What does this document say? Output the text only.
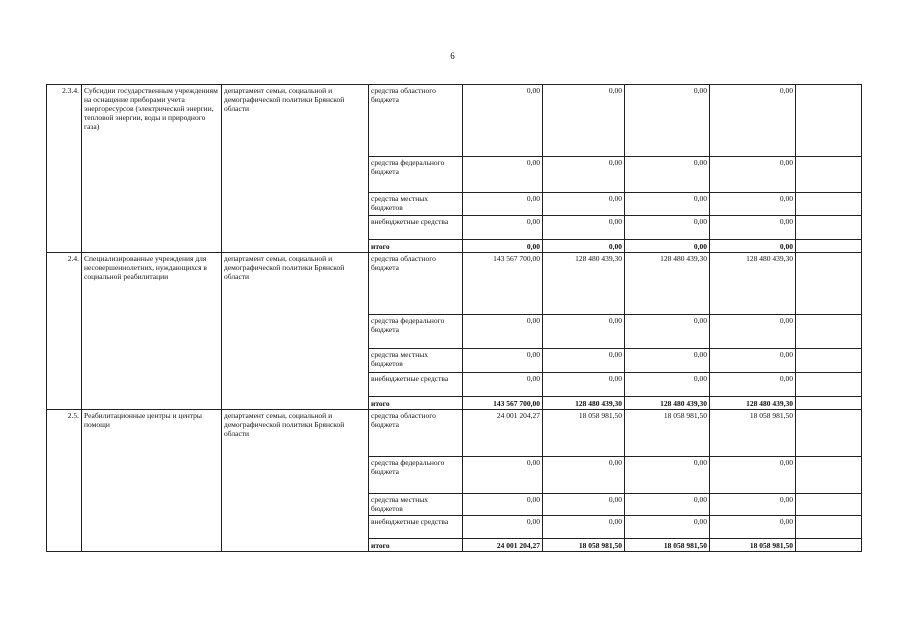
6
2.3.4.	Субсидии государственным учреждениям на оснащение приборами учета энергоресурсов (электрической энергии, тепловой энергии, воды и природного газа)	департамент семьи, социальной и демографической политики Брянской области	средства областного бюджета	0,00	0,00	0,00	0,00	
			средства федерального бюджета	0,00	0,00	0,00	0,00	
			средства местных бюджетов	0,00	0,00	0,00	0,00	
			внебюджетные средства	0,00	0,00	0,00	0,00	
			итого	0,00	0,00	0,00	0,00	
2.4.	Специализированные учреждения для несовершеннолетних, нуждающихся в социальной реабилитации	департамент семьи, социальной и демографической политики Брянской области	средства областного бюджета	143 567 700,00	128 480 439,30	128 480 439,30	128 480 439,30	
			средства федерального бюджета	0,00	0,00	0,00	0,00	
			средства местных бюджетов	0,00	0,00	0,00	0,00	
			внебюджетные средства	0,00	0,00	0,00	0,00	
			итого	143 567 700,00	128 480 439,30	128 480 439,30	128 480 439,30	
2.5.	Реабилитационные центры и центры помощи	департамент семьи, социальной и демографической политики Брянской области	средства областного бюджета	24 001 204,27	18 058 981,50	18 058 981,50	18 058 981,50	
			средства федерального бюджета	0,00	0,00	0,00	0,00	
			средства местных бюджетов	0,00	0,00	0,00	0,00	
			внебюджетные средства	0,00	0,00	0,00	0,00	
			итого	24 001 204,27	18 058 981,50	18 058 981,50	18 058 981,50	
